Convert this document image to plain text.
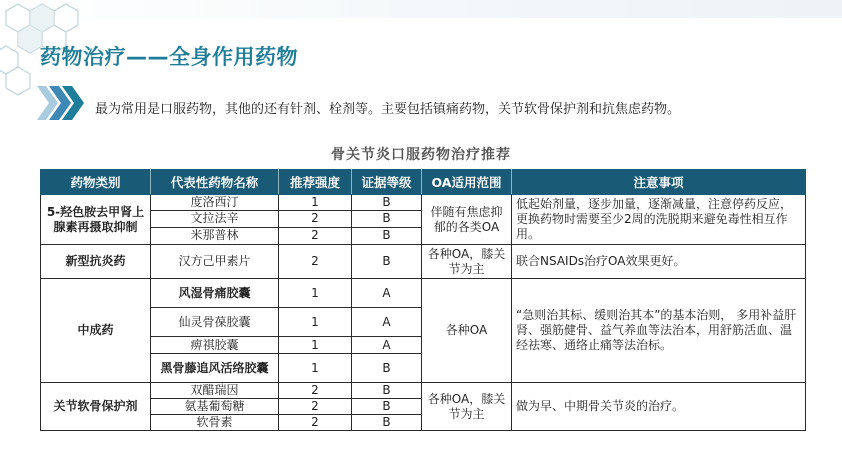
药物治疗——全身作用药物
最为常用是口服药物，其他的还有针剂、栓剂等。主要包括镇痛药物，关节软骨保护剂和抗焦虑药物。
骨关节炎口服药物治疗推荐
药物类别	代表性药物名称	推荐强度	证据等级	OA适用范围	注意事项
5-羟色胺去甲肾上腺素再摄取抑制	度洛西汀	1	B	伴随有焦虑抑郁的各类OA	低起始剂量，逐步加量，逐渐减量，注意停药反应，更换药物时需要至少2周的洗脱期来避免毒性相互作用。
	文拉法辛	2	B		
	米那普林	2	B		
新型抗炎药	汉方己甲素片	2	B	各种OA，膝关节为主	联合NSAIDs治疗OA效果更好。
中成药	风湿骨痛胶囊	1	A	各种OA	“急则治其标、缓则治其本”的基本治则， 多用补益肝肾、强筋健骨、益气养血等法治本，用舒筋活血、温经祛寒、通络止痛等法治标。
	仙灵骨葆胶囊	1	A		
	痹祺胶囊	1	A		
	黑骨藤追风活络胶囊	1	B		
关节软骨保护剂	双醋瑞因	2	B	各种OA，膝关节为主	做为早、中期骨关节炎的治疗。
	氨基葡萄糖	2	B		
	软骨素	2	B		
